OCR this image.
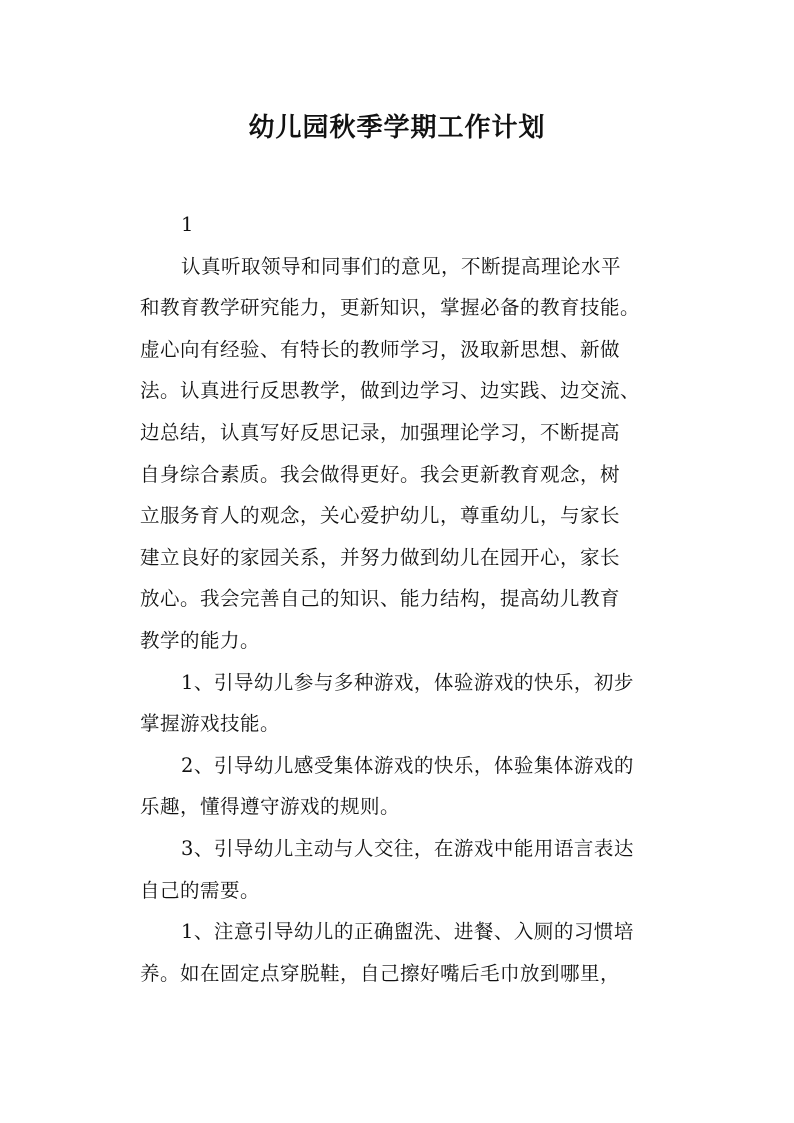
幼儿园秋季学期工作计划
1
认真听取领导和同事们的意见，不断提高理论水平
和教育教学研究能力，更新知识，掌握必备的教育技能。
虚心向有经验、有特长的教师学习，汲取新思想、新做
法。认真进行反思教学，做到边学习、边实践、边交流、
边总结，认真写好反思记录，加强理论学习，不断提高
自身综合素质。我会做得更好。我会更新教育观念，树
立服务育人的观念，关心爱护幼儿，尊重幼儿，与家长
建立良好的家园关系，并努力做到幼儿在园开心，家长
放心。我会完善自己的知识、能力结构，提高幼儿教育
教学的能力。
1、引导幼儿参与多种游戏，体验游戏的快乐，初步
掌握游戏技能。
2、引导幼儿感受集体游戏的快乐，体验集体游戏的
乐趣，懂得遵守游戏的规则。
3、引导幼儿主动与人交往，在游戏中能用语言表达
自己的需要。
1、注意引导幼儿的正确盥洗、进餐、入厕的习惯培
养。如在固定点穿脱鞋，自己擦好嘴后毛巾放到哪里，
